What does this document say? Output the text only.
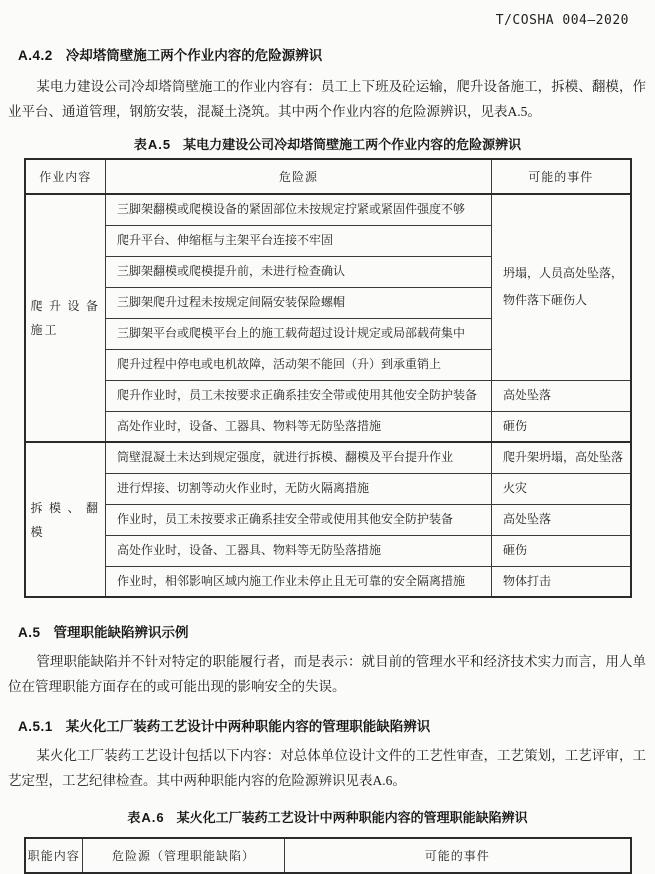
T/COSHA 004—2020
A.4.2 冷却塔筒壁施工两个作业内容的危险源辨识

某电力建设公司冷却塔筒壁施工的作业内容有：员工上下班及砼运输，爬升设备施工，拆模、翻模，作业平台、通道管理，钢筋安装，混凝土浇筑。其中两个作业内容的危险源辨识，见表A.5。

表A.5 某电力建设公司冷却塔筒壁施工两个作业内容的危险源辨识
作业内容	危险源	可能的事件
爬升设备施工	三脚架翻模或爬模设备的紧固部位未按规定拧紧或紧固件强度不够	坍塌，人员高处坠落，物件落下砸伤人
	爬升平台、伸缩框与主架平台连接不牢固	
	三脚架翻模或爬模提升前，未进行检查确认	
	三脚架爬升过程未按规定间隔安装保险螺帽	
	三脚架平台或爬模平台上的施工载荷超过设计规定或局部载荷集中	
	爬升过程中停电或电机故障，活动架不能回（升）到承重销上	
	爬升作业时，员工未按要求正确系挂安全带或使用其他安全防护装备	高处坠落
	高处作业时，设备、工器具、物料等无防坠落措施	砸伤
拆模、翻模	筒壁混凝土未达到规定强度，就进行拆模、翻模及平台提升作业	爬升架坍塌，高处坠落
	进行焊接、切割等动火作业时，无防火隔离措施	火灾
	作业时，员工未按要求正确系挂安全带或使用其他安全防护装备	高处坠落
	高处作业时，设备、工器具、物料等无防坠落措施	砸伤
	作业时，相邻影响区域内施工作业未停止且无可靠的安全隔离措施	物体打击
A.5 管理职能缺陷辨识示例

管理职能缺陷并不针对特定的职能履行者，而是表示：就目前的管理水平和经济技术实力而言，用人单位在管理职能方面存在的或可能出现的影响安全的失误。

A.5.1 某火化工厂装药工艺设计中两种职能内容的管理职能缺陷辨识

某火化工厂装药工艺设计包括以下内容：对总体单位设计文件的工艺性审查，工艺策划，工艺评审，工艺定型，工艺纪律检查。其中两种职能内容的危险源辨识见表A.6。

表A.6 某火化工厂装药工艺设计中两种职能内容的管理职能缺陷辨识
职能内容	危险源（管理职能缺陷）	可能的事件
